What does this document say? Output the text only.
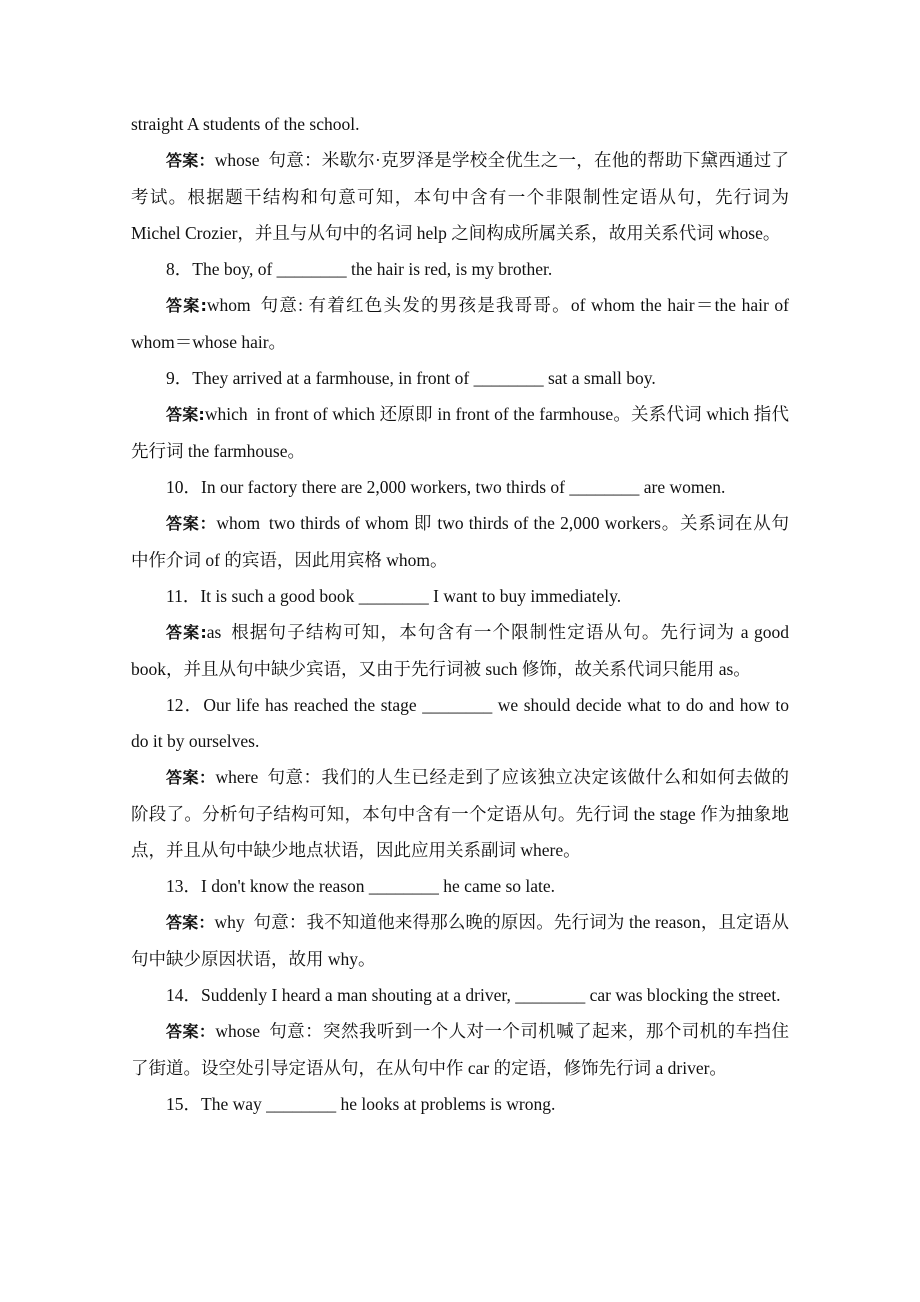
straight A students of the school.

答案：whose 句意：米歇尔·克罗泽是学校全优生之一，在他的帮助下黛西通过了考试。根据题干结构和句意可知，本句中含有一个非限制性定语从句，先行词为 Michel Crozier，并且与从句中的名词 help 之间构成所属关系，故用关系代词 whose。

8．The boy, of ________ the hair is red, is my brother.

答案:whom 句意: 有着红色头发的男孩是我哥哥。of whom the hair＝the hair of whom＝whose hair。

9．They arrived at a farmhouse, in front of ________ sat a small boy.

答案:which in front of which 还原即 in front of the farmhouse。关系代词 which 指代先行词 the farmhouse。

10．In our factory there are 2,000 workers, two thirds of ________ are women.

答案：whom two thirds of whom 即 two thirds of the 2,000 workers。关系词在从句中作介词 of 的宾语，因此用宾格 whom。

11．It is such a good book ________ I want to buy immediately.

答案:as 根据句子结构可知，本句含有一个限制性定语从句。先行词为 a good book，并且从句中缺少宾语，又由于先行词被 such 修饰，故关系代词只能用 as。

12．Our life has reached the stage ________ we should decide what to do and how to do it by ourselves.

答案：where 句意：我们的人生已经走到了应该独立决定该做什么和如何去做的阶段了。分析句子结构可知，本句中含有一个定语从句。先行词 the stage 作为抽象地点，并且从句中缺少地点状语，因此应用关系副词 where。

13．I don't know the reason ________ he came so late.

答案：why 句意：我不知道他来得那么晚的原因。先行词为 the reason，且定语从句中缺少原因状语，故用 why。

14．Suddenly I heard a man shouting at a driver, ________ car was blocking the street.

答案：whose 句意：突然我听到一个人对一个司机喊了起来，那个司机的车挡住了街道。设空处引导定语从句，在从句中作 car 的定语，修饰先行词 a driver。

15．The way ________ he looks at problems is wrong.
